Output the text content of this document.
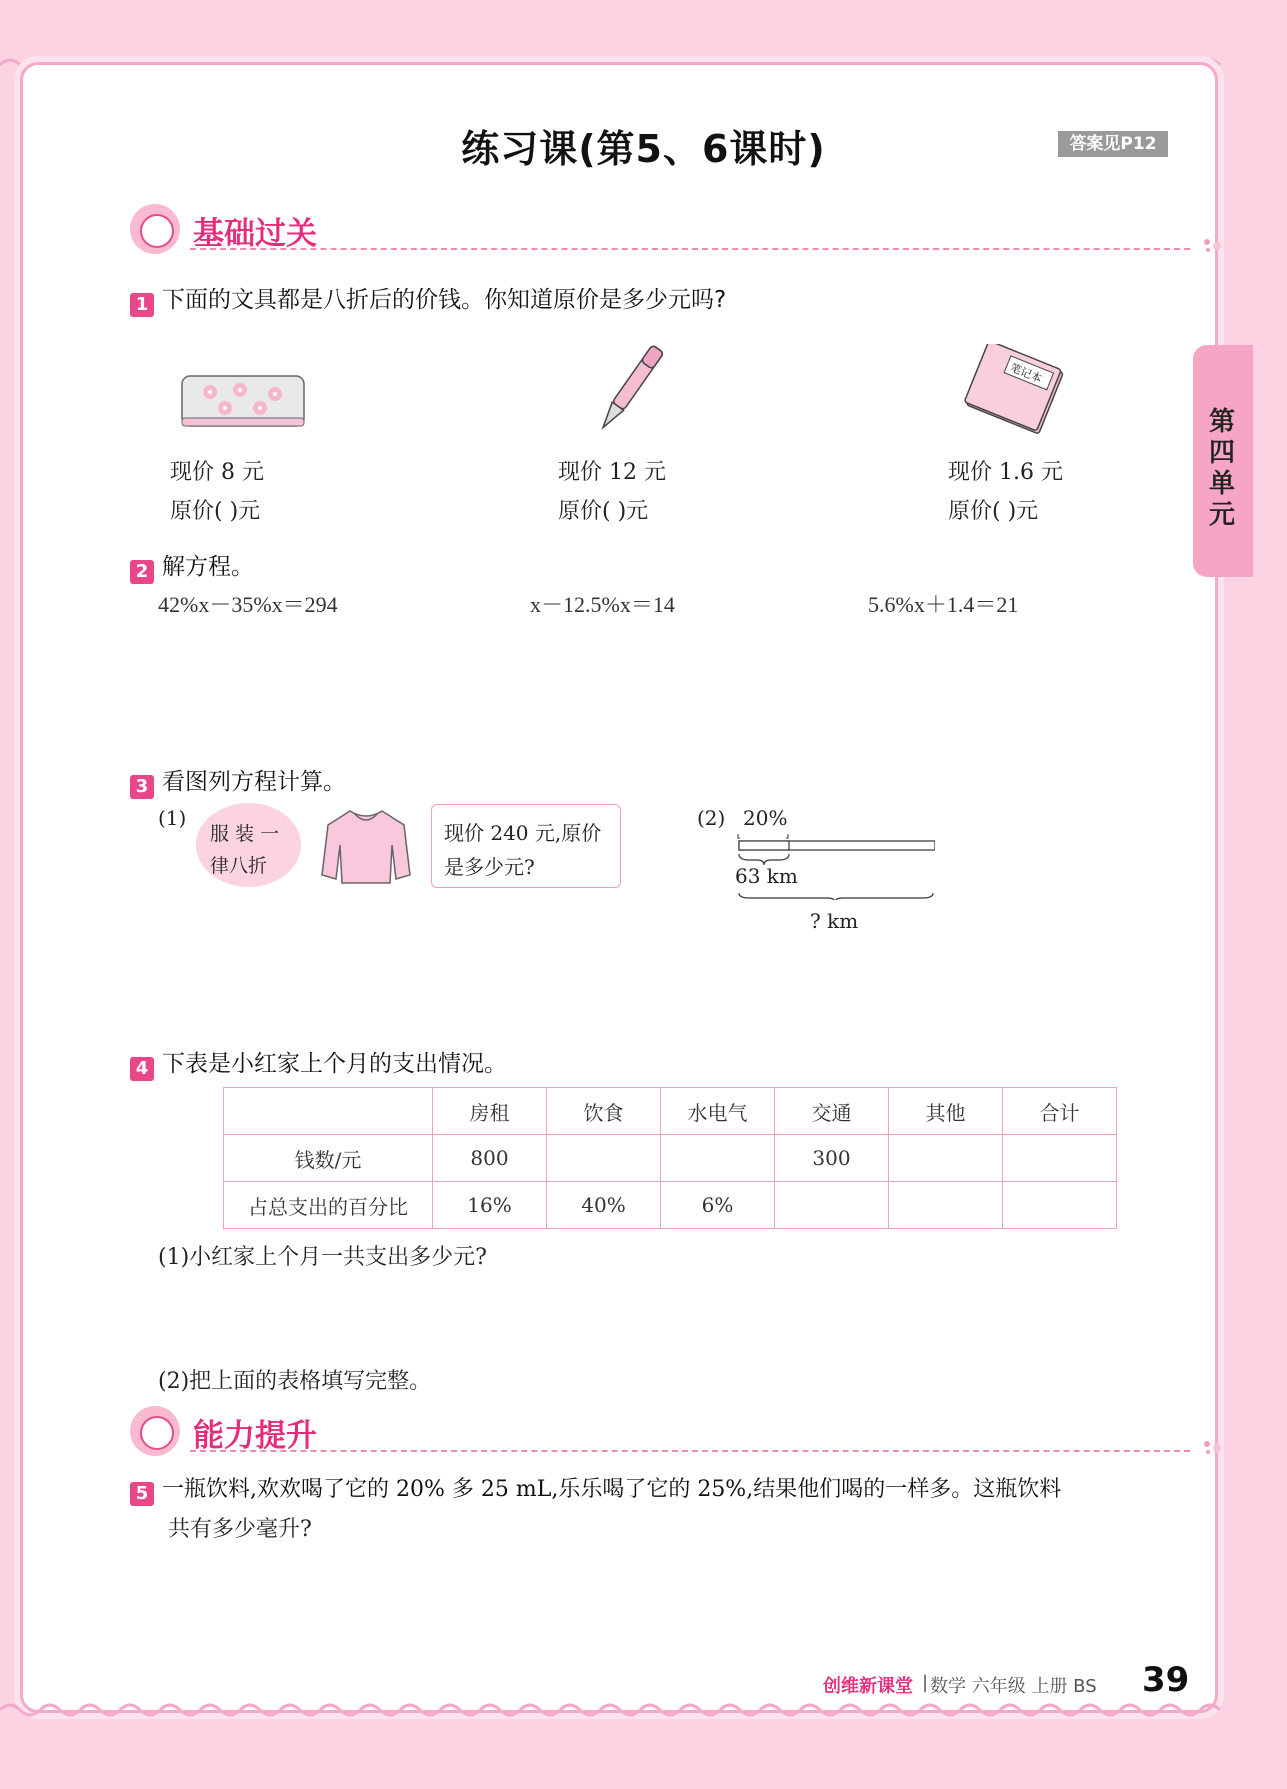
练习课(第5、6课时)	答案见P12
第四单元
基础过关
1 下面的文具都是八折后的价钱。你知道原价是多少元吗?
笔记本
现价 8 元
原价( )元
现价 12 元
原价( )元
现价 1.6 元
原价( )元
2 解方程。
42%x－35%x＝294	x－12.5%x＝14	5.6%x＋1.4＝21
3 看图列方程计算。
(1)
服 装 一
律八折
现价 240 元,原价
是多少元?
(2) 20%
63 km
? km
4 下表是小红家上个月的支出情况。
	房租	饮食	水电气	交通	其他	合计
钱数/元	800			300		
占总支出的百分比	16%	40%	6%			
(1)小红家上个月一共支出多少元?
(2)把上面的表格填写完整。
能力提升
5 一瓶饮料,欢欢喝了它的 20% 多 25 mL,乐乐喝了它的 25%,结果他们喝的一样多。这瓶饮料
共有多少毫升?
创维新课堂 | 数学 六年级 上册 BS 39
